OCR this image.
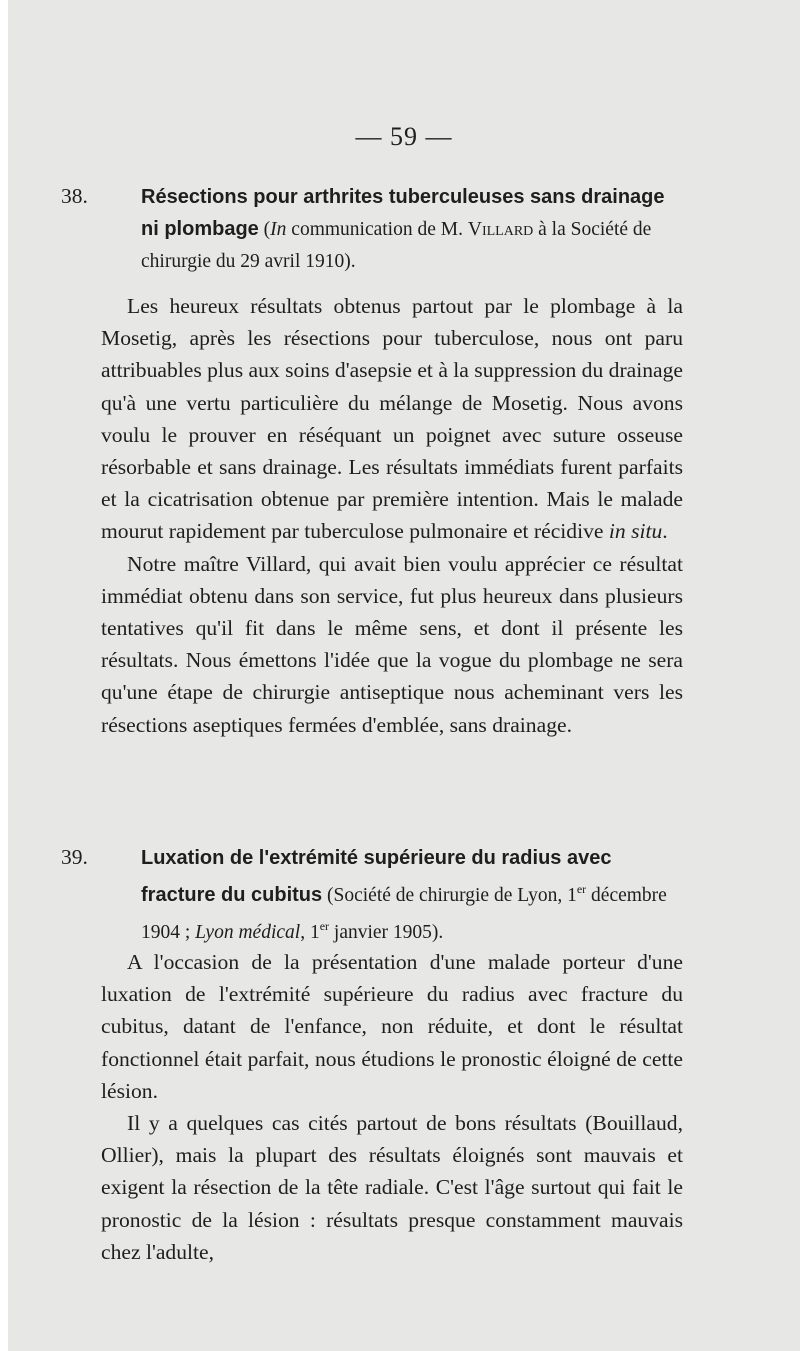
— 59 —

38.	Résections pour arthrites tuberculeuses sans drainage ni plombage (In communication de M. Villard à la Société de chirurgie du 29 avril 1910).

Les heureux résultats obtenus partout par le plombage à la Mosetig, après les résections pour tuberculose, nous ont paru attribuables plus aux soins d'asepsie et à la suppression du drainage qu'à une vertu particulière du mélange de Mosetig. Nous avons voulu le prouver en réséquant un poignet avec suture osseuse résorbable et sans drainage. Les résultats immédiats furent parfaits et la cicatrisation obtenue par première intention. Mais le malade mourut rapidement par tuberculose pulmonaire et récidive in situ.

Notre maître Villard, qui avait bien voulu apprécier ce résultat immédiat obtenu dans son service, fut plus heureux dans plusieurs tentatives qu'il fit dans le même sens, et dont il présente les résultats. Nous émettons l'idée que la vogue du plombage ne sera qu'une étape de chirurgie antiseptique nous acheminant vers les résections aseptiques fermées d'emblée, sans drainage.

39.	Luxation de l'extrémité supérieure du radius avec fracture du cubitus (Société de chirurgie de Lyon, 1er décembre 1904 ; Lyon médical, 1er janvier 1905).

A l'occasion de la présentation d'une malade porteur d'une luxation de l'extrémité supérieure du radius avec fracture du cubitus, datant de l'enfance, non réduite, et dont le résultat fonctionnel était parfait, nous étudions le pronostic éloigné de cette lésion.

Il y a quelques cas cités partout de bons résultats (Bouillaud, Ollier), mais la plupart des résultats éloignés sont mauvais et exigent la résection de la tête radiale. C'est l'âge surtout qui fait le pronostic de la lésion : résultats presque constamment mauvais chez l'adulte,
